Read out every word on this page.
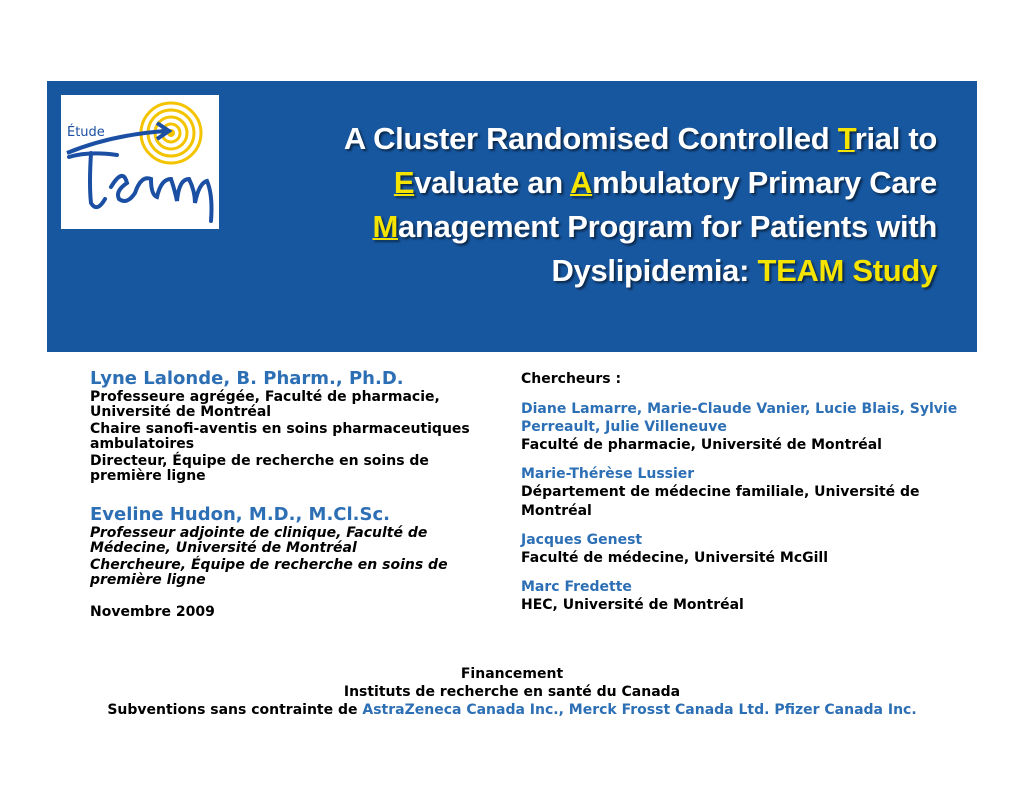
Étude	A Cluster Randomised Controlled Trial to
Evaluate an Ambulatory Primary Care
Management Program for Patients with
Dyslipidemia: TEAM Study

Lyne Lalonde, B. Pharm., Ph.D.

Professeure agrégée, Faculté de pharmacie, Université de Montréal

Chaire sanofi-aventis en soins pharmaceutiques ambulatoires

Directeur, Équipe de recherche en soins de première ligne

Eveline Hudon, M.D., M.Cl.Sc.

Professeur adjointe de clinique, Faculté de Médecine, Université de Montréal

Chercheure, Équipe de recherche en soins de première ligne

Novembre 2009

Chercheurs :

Diane Lamarre, Marie-Claude Vanier, Lucie Blais, Sylvie Perreault, Julie Villeneuve

Faculté de pharmacie, Université de Montréal

Marie-Thérèse Lussier

Département de médecine familiale, Université de Montréal

Jacques Genest

Faculté de médecine, Université McGill

Marc Fredette

HEC, Université de Montréal

Financement
Instituts de recherche en santé du Canada
Subventions sans contrainte de AstraZeneca Canada Inc., Merck Frosst Canada Ltd. Pfizer Canada Inc.
